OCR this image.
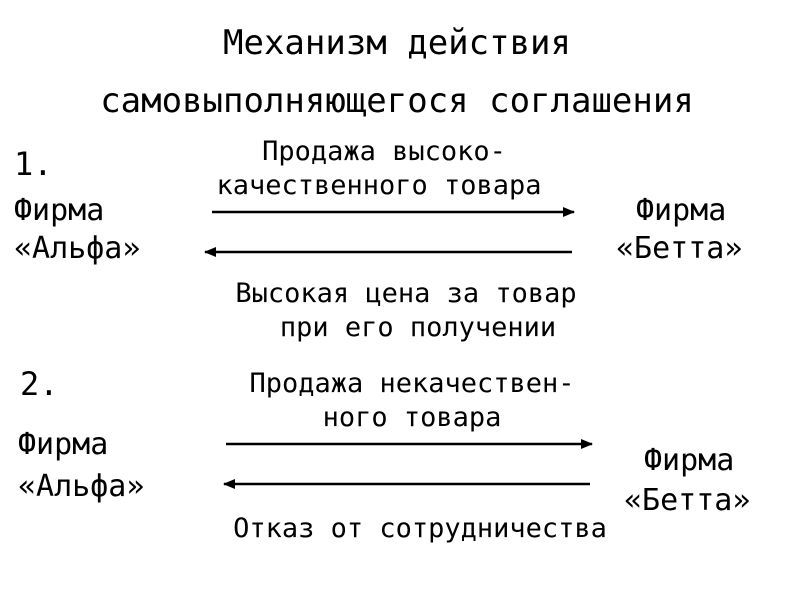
Механизм действия
самовыполняющегося соглашения
1.
Фирма
«Альфа»
Продажа высоко-
качественного товара
Фирма
«Бетта»
Высокая цена за товар
при его получении
2.
Фирма
«Альфа»
Продажа некачествен-
ного товара
Фирма
«Бетта»
Отказ от сотрудничества
